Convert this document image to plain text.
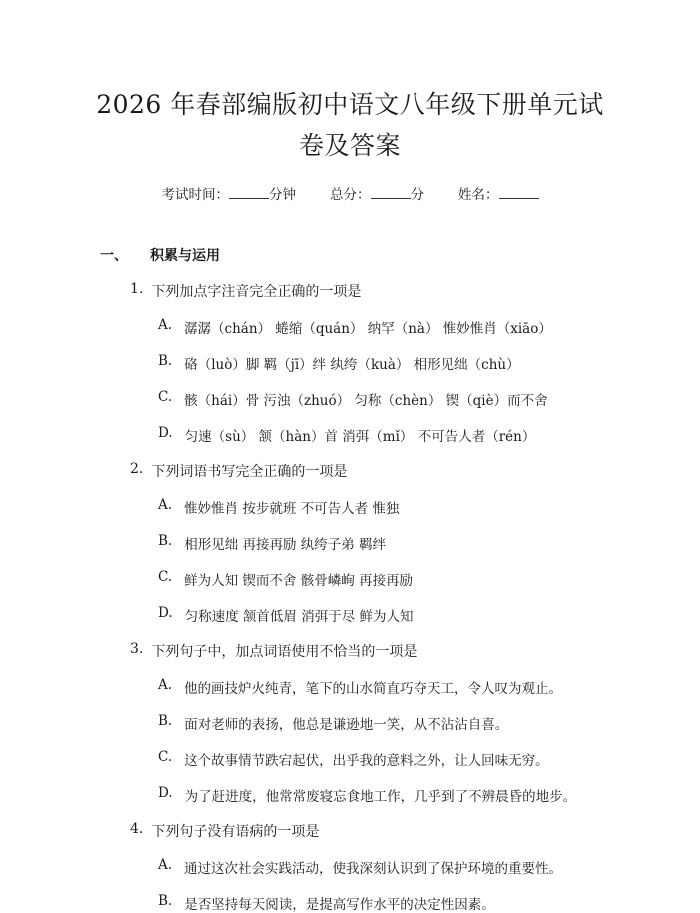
2026 年春部编版初中语文八年级下册单元试
卷及答案
考试时间：	分钟	总分：	分	姓名：
一、 积累与运用
1. 下列加点字注音完全正确的一项是
A. 潺潺（chán） 蜷缩（quán） 纳罕（nà） 惟妙惟肖（xiāo）
B. 硌（luò）脚 羁（jī）绊 纨绔（kuà） 相形见绌（chù）
C. 骸（hái）骨 污浊（zhuó） 匀称（chèn） 锲（qiè）而不舍
D. 匀速（sù） 颔（hàn）首 消弭（mǐ） 不可告人者（rén）
2. 下列词语书写完全正确的一项是
A. 惟妙惟肖 按步就班 不可告人者 惟独
B. 相形见绌 再接再励 纨绔子弟 羁绊
C. 鲜为人知 锲而不舍 骸骨嶙峋 再接再励
D. 匀称速度 颔首低眉 消弭于尽 鲜为人知
3. 下列句子中，加点词语使用不恰当的一项是
A. 他的画技炉火纯青，笔下的山水简直巧夺天工，令人叹为观止。
B. 面对老师的表扬，他总是谦逊地一笑，从不沾沾自喜。
C. 这个故事情节跌宕起伏，出乎我的意料之外，让人回味无穷。
D. 为了赶进度，他常常废寝忘食地工作，几乎到了不辨晨昏的地步。
4. 下列句子没有语病的一项是
A. 通过这次社会实践活动，使我深刻认识到了保护环境的重要性。
B. 是否坚持每天阅读，是提高写作水平的决定性因素。
